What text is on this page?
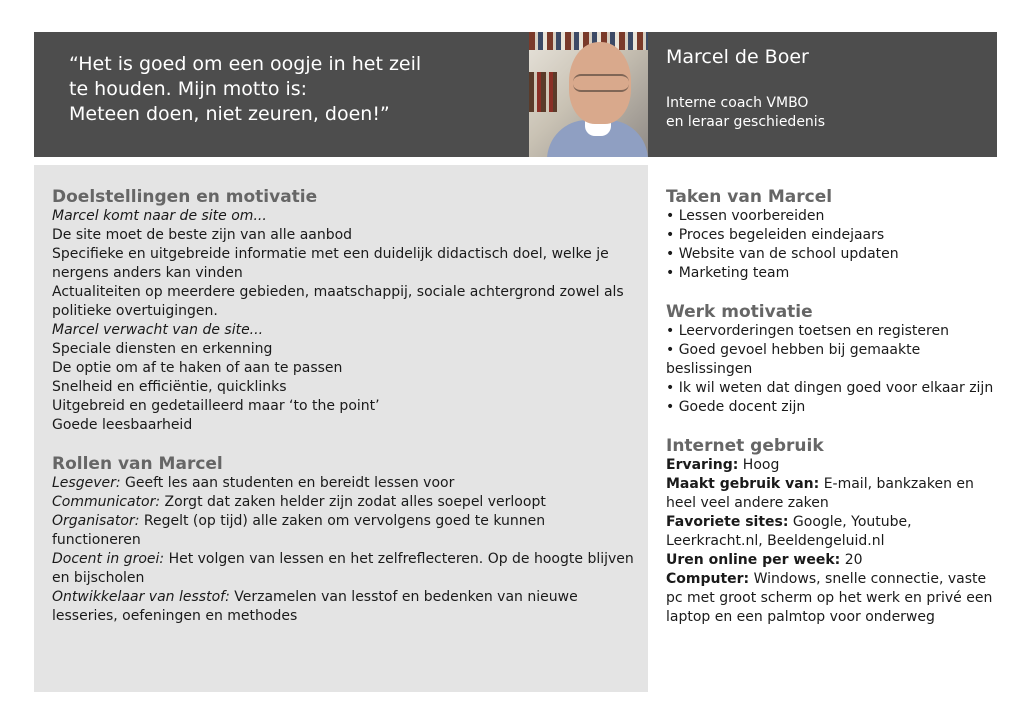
“Het is goed om een oogje in het zeil
te houden. Mijn motto is:
Meteen doen, niet zeuren, doen!”
Marcel de Boer
Interne coach VMBO
en leraar geschiedenis
Doelstellingen en motivatie
Marcel komt naar de site om...
De site moet de beste zijn van alle aanbod
Specifieke en uitgebreide informatie met een duidelijk didactisch doel, welke je nergens anders kan vinden
Actualiteiten op meerdere gebieden, maatschappij, sociale achtergrond zowel als politieke overtuigingen.
Marcel verwacht van de site...
Speciale diensten en erkenning
De optie om af te haken of aan te passen
Snelheid en efficiëntie, quicklinks
Uitgebreid en gedetailleerd maar ‘to the point’
Goede leesbaarheid
Rollen van Marcel
Lesgever: Geeft les aan studenten en bereidt lessen voor
Communicator: Zorgt dat zaken helder zijn zodat alles soepel verloopt
Organisator: Regelt (op tijd) alle zaken om vervolgens goed te kunnen functioneren
Docent in groei: Het volgen van lessen en het zelfreflecteren. Op de hoogte blijven en bijscholen
Ontwikkelaar van lesstof: Verzamelen van lesstof en bedenken van nieuwe lesseries, oefeningen en methodes
Taken van Marcel
• Lessen voorbereiden
• Proces begeleiden eindejaars
• Website van de school updaten
• Marketing team
Werk motivatie
• Leervorderingen toetsen en registeren
• Goed gevoel hebben bij gemaakte beslissingen
• Ik wil weten dat dingen goed voor elkaar zijn
• Goede docent zijn
Internet gebruik
Ervaring: Hoog
Maakt gebruik van: E-mail, bankzaken en heel veel andere zaken
Favoriete sites: Google, Youtube, Leerkracht.nl, Beeldengeluid.nl
Uren online per week: 20
Computer: Windows, snelle connectie, vaste pc met groot scherm op het werk en privé een laptop en een palmtop voor onderweg
